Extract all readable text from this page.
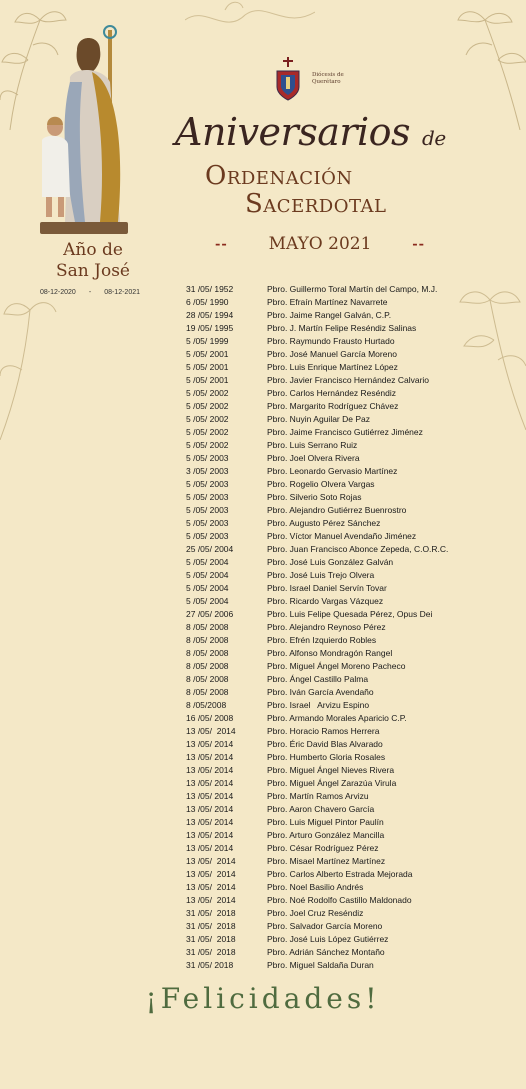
Año de
San José
08-12-2020 - 08-12-2021
Diócesis de
Querétaro
Aniversarios de
Ordenación
Sacerdotal
-- MAYO 2021	--
31 /05/ 1952	Pbro. Guillermo Toral Martín del Campo, M.J.
6 /05/ 1990	Pbro. Efraín Martínez Navarrete
28 /05/ 1994	Pbro. Jaime Rangel Galván, C.P.
19 /05/ 1995	Pbro. J. Martín Felipe Reséndiz Salinas
5 /05/ 1999	Pbro. Raymundo Frausto Hurtado
5 /05/ 2001	Pbro. José Manuel García Moreno
5 /05/ 2001	Pbro. Luis Enrique Martínez López
5 /05/ 2001	Pbro. Javier Francisco Hernández Calvario
5 /05/ 2002	Pbro. Carlos Hernández Reséndiz
5 /05/ 2002	Pbro. Margarito Rodríguez Chávez
5 /05/ 2002	Pbro. Nuyin Aguilar De Paz
5 /05/ 2002	Pbro. Jaime Francisco Gutiérrez Jiménez
5 /05/ 2002	Pbro. Luis Serrano Ruiz
5 /05/ 2003	Pbro. Joel Olvera Rivera
3 /05/ 2003	Pbro. Leonardo Gervasio Martínez
5 /05/ 2003	Pbro. Rogelio Olvera Vargas
5 /05/ 2003	Pbro. Silverio Soto Rojas
5 /05/ 2003	Pbro. Alejandro Gutiérrez Buenrostro
5 /05/ 2003	Pbro. Augusto Pérez Sánchez
5 /05/ 2003	Pbro. Víctor Manuel Avendaño Jiménez
25 /05/ 2004	Pbro. Juan Francisco Abonce Zepeda, C.O.R.C.
5 /05/ 2004	Pbro. José Luis González Galván
5 /05/ 2004	Pbro. José Luis Trejo Olvera
5 /05/ 2004	Pbro. Israel Daniel Servín Tovar
5 /05/ 2004	Pbro. Ricardo Vargas Vázquez
27 /05/ 2006	Pbro. Luis Felipe Quesada Pérez, Opus Dei
8 /05/ 2008	Pbro. Alejandro Reynoso Pérez
8 /05/ 2008	Pbro. Efrén Izquierdo Robles
8 /05/ 2008	Pbro. Alfonso Mondragón Rangel
8 /05/ 2008	Pbro. Miguel Ángel Moreno Pacheco
8 /05/ 2008	Pbro. Ángel Castillo Palma
8 /05/ 2008	Pbro. Iván García Avendaño
8 /05/2008	Pbro. Israel   Arvizu Espino
16 /05/ 2008	Pbro. Armando Morales Aparicio C.P.
13 /05/  2014	Pbro. Horacio Ramos Herrera
13 /05/ 2014	Pbro. Éric David Blas Alvarado
13 /05/ 2014	Pbro. Humberto Gloria Rosales
13 /05/ 2014	Pbro. Miguel Ángel Nieves Rivera
13 /05/ 2014	Pbro. Miguel Ángel Zarazúa Virula
13 /05/ 2014	Pbro. Martín Ramos Arvizu
13 /05/ 2014	Pbro. Aaron Chavero García
13 /05/ 2014	Pbro. Luis Miguel Pintor Paulín
13 /05/ 2014	Pbro. Arturo González Mancilla
13 /05/ 2014	Pbro. César Rodríguez Pérez
13 /05/  2014	Pbro. Misael Martínez Martínez
13 /05/  2014	Pbro. Carlos Alberto Estrada Mejorada
13 /05/  2014	Pbro. Noel Basilio Andrés
13 /05/  2014	Pbro. Noé Rodolfo Castillo Maldonado
31 /05/  2018	Pbro. Joel Cruz Reséndiz
31 /05/  2018	Pbro. Salvador García Moreno
31 /05/  2018	Pbro. José Luis López Gutiérrez
31 /05/  2018	Pbro. Adrián Sánchez Montaño
31 /05/ 2018	Pbro. Miguel Saldaña Duran
¡Felicidades!
